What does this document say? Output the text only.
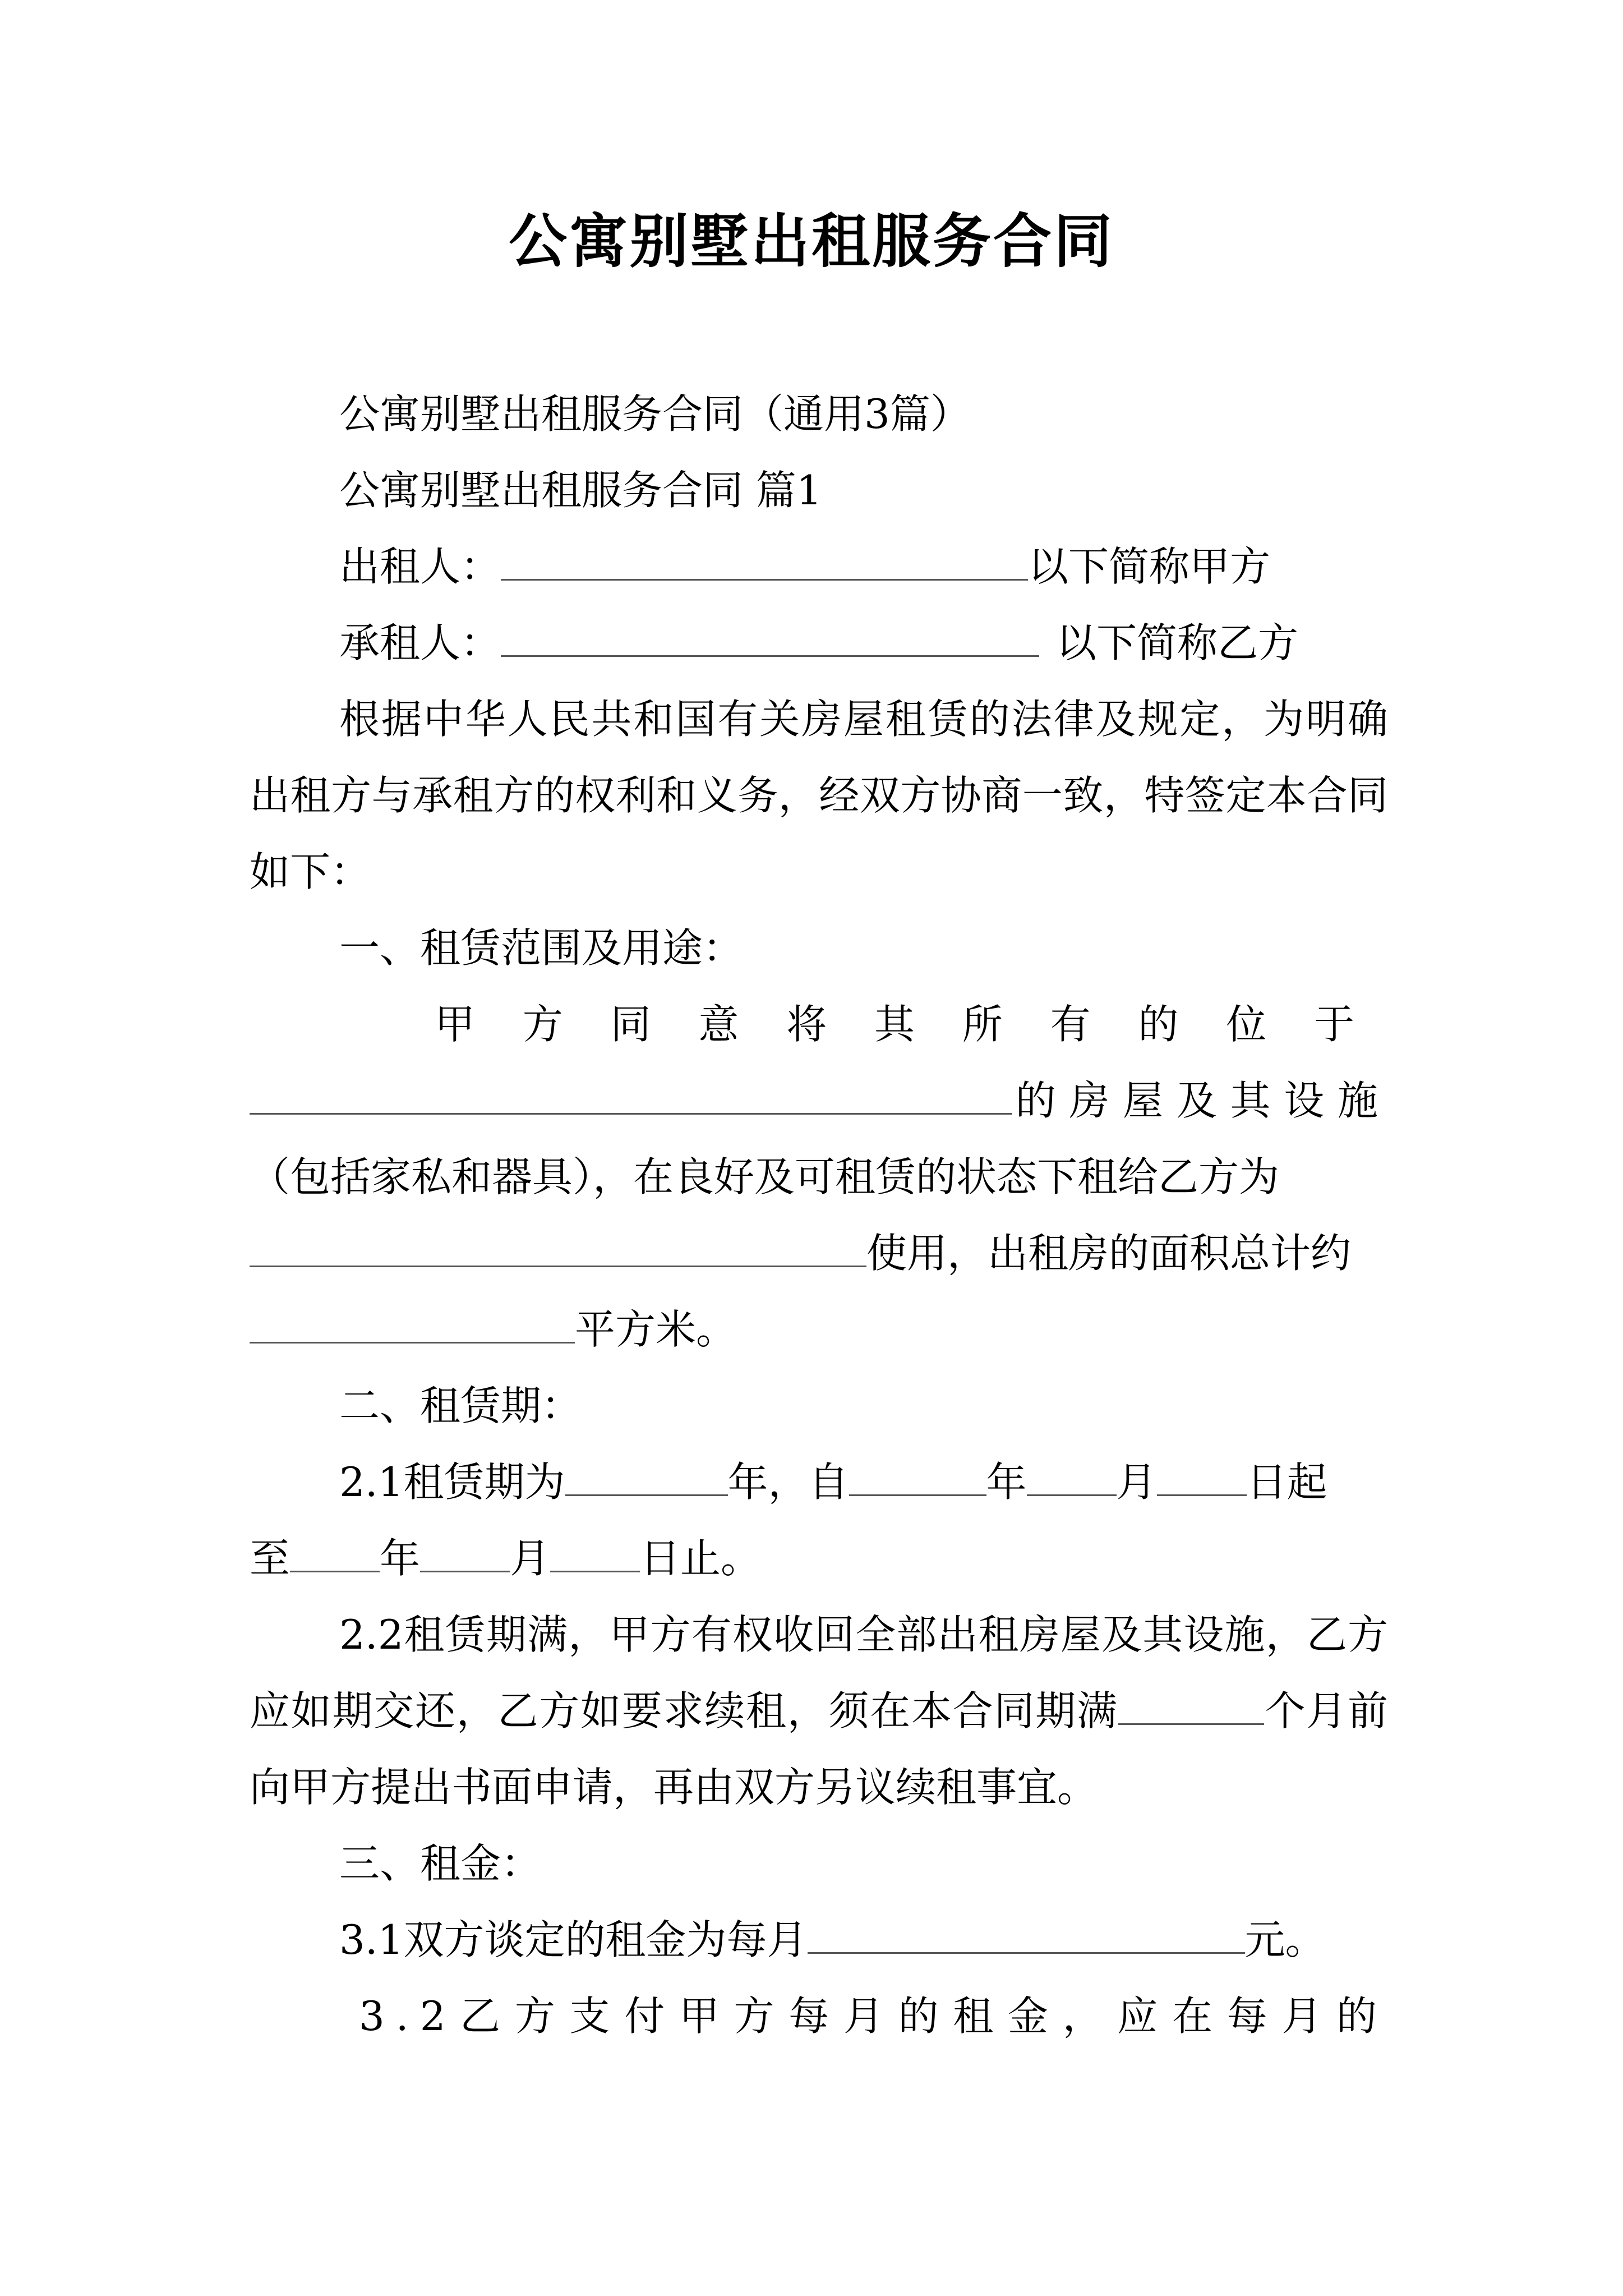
公寓别墅出租服务合同

公寓别墅出租服务合同（通用3篇）

公寓别墅出租服务合同 篇1

出租人：	以下简称甲方

承租人：	以下简称乙方

根据中华人民共和国有关房屋租赁的法律及规定，为明确出租方与承租方的权利和义务，经双方协商一致，特签定本合同如下：

一、租赁范围及用途：

甲方同意将其所有的位于

的房屋及其设施

（包括家私和器具），在良好及可租赁的状态下租给乙方为

使用，出租房的面积总计约

平方米。

二、租赁期：

2.1租赁期为	年，自	年 月 日起

至 年 月 日止。

2.2租赁期满，甲方有权收回全部出租房屋及其设施，乙方应如期交还，乙方如要求续租，须在本合同期满	个月前向甲方提出书面申请，再由双方另议续租事宜。

三、租金：

3.1双方谈定的租金为每月	元。

3.2乙方支付甲方每月的租金，应在每月的
